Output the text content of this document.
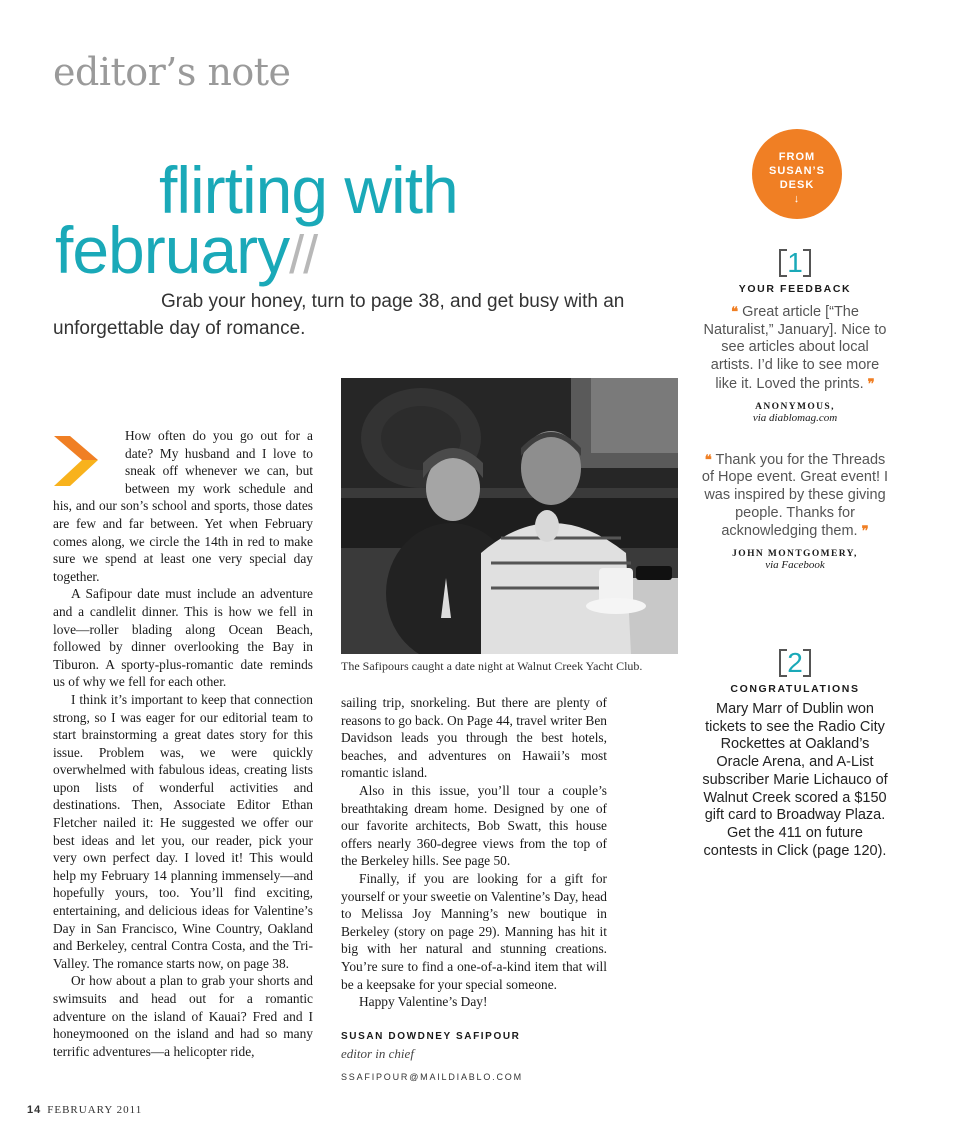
editor’s note
flirting with
february//
Grab your honey, turn to page 38, and get busy with an unforgettable day of romance.

How often do you go out for a date? My husband and I love to sneak off whenever we can, but between my work schedule and his, and our son’s school and sports, those dates are few and far between. Yet when February comes along, we circle the 14th in red to make sure we spend at least one very special day together.

A Safipour date must include an adventure and a candlelit dinner. This is how we fell in love—roller blading along Ocean Beach, followed by dinner overlooking the Bay in Tiburon. A sporty-plus-romantic date reminds us of why we fell for each other.

I think it’s important to keep that connection strong, so I was eager for our editorial team to start brainstorming a great dates story for this issue. Problem was, we were quickly overwhelmed with fabulous ideas, creating lists upon lists of wonderful activities and destinations. Then, Associate Editor Ethan Fletcher nailed it: He suggested we offer our best ideas and let you, our reader, pick your very own perfect day. I loved it! This would help my February 14 planning immensely—and hopefully yours, too. You’ll find exciting, entertaining, and delicious ideas for Valentine’s Day in San Francisco, Wine Country, Oakland and Berkeley, central Contra Costa, and the Tri-Valley. The romance starts now, on page 38.

Or how about a plan to grab your shorts and swimsuits and head out for a romantic adventure on the island of Kauai? Fred and I honeymooned on the island and had so many terrific adventures—a helicopter ride,

The Safipours caught a date night at Walnut Creek Yacht Club.

sailing trip, snorkeling. But there are plenty of reasons to go back. On Page 44, travel writer Ben Davidson leads you through the best hotels, beaches, and adventures on Hawaii’s most romantic island.

Also in this issue, you’ll tour a couple’s breathtaking dream home. Designed by one of our favorite architects, Bob Swatt, this house offers nearly 360-degree views from the top of the Berkeley hills. See page 50.

Finally, if you are looking for a gift for yourself or your sweetie on Valentine’s Day, head to Melissa Joy Manning’s new boutique in Berkeley (story on page 29). Manning has hit it big with her natural and stunning creations. You’re sure to find a one-of-a-kind item that will be a keepsake for your special someone.

Happy Valentine’s Day!

SUSAN DOWDNEY SAFIPOUR
editor in chief
SSAFIPOUR@MAILDIABLO.COM
14 FEBRUARY 2011
FROM
SUSAN’S
DESK
↓
1
YOUR FEEDBACK
❝ Great article [“The Naturalist,” January]. Nice to see articles about local artists. I’d like to see more like it. Loved the prints. ❞
ANONYMOUS,
via diablomag.com
❝ Thank you for the Threads of Hope event. Great event! I was inspired by these giving people. Thanks for acknowledging them. ❞
JOHN MONTGOMERY,
via Facebook
2
CONGRATULATIONS
Mary Marr of Dublin won tickets to see the Radio City Rockettes at Oakland’s Oracle Arena, and A-List subscriber Marie Lichauco of Walnut Creek scored a $150 gift card to Broadway Plaza. Get the 411 on future contests in Click (page 120).
